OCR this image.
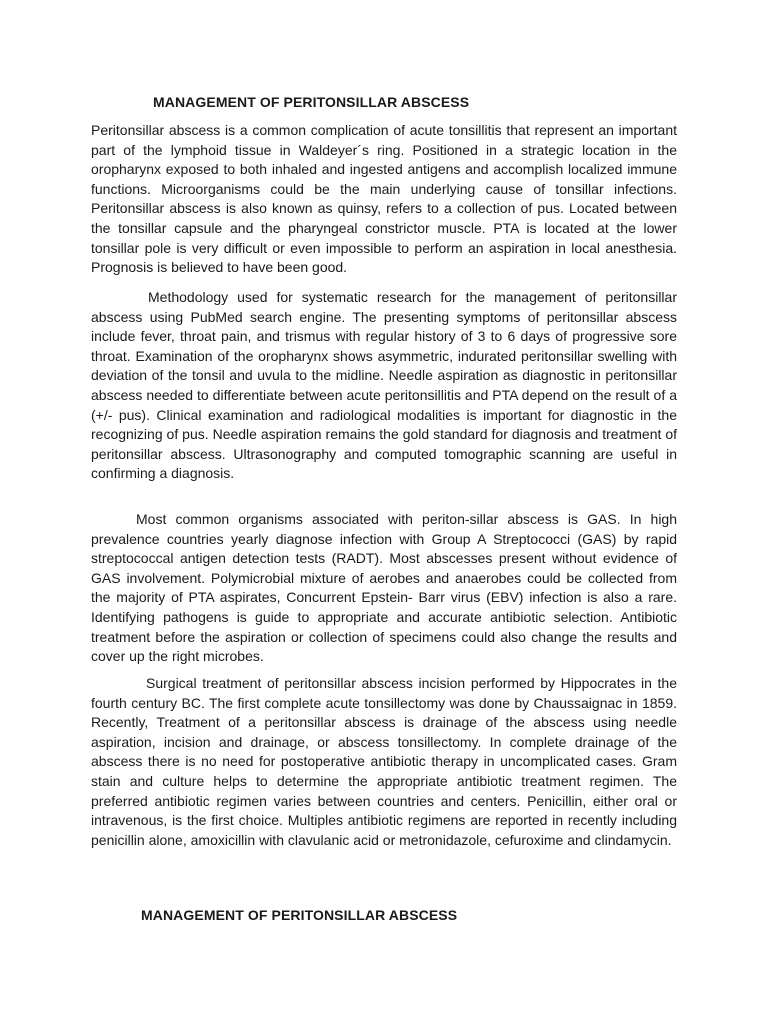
MANAGEMENT OF PERITONSILLAR ABSCESS

Peritonsillar abscess is a common complication of acute tonsillitis that represent an important part of the lymphoid tissue in Waldeyer´s ring. Positioned in a strategic location in the oropharynx exposed to both inhaled and ingested antigens and accomplish localized immune functions. Microorganisms could be the main underlying cause of tonsillar infections. Peritonsillar abscess is also known as quinsy, refers to a collection of pus. Located between the tonsillar capsule and the pharyngeal constrictor muscle. PTA is located at the lower tonsillar pole is very difficult or even impossible to perform an aspiration in local anesthesia. Prognosis is believed to have been good.

Methodology used for systematic research for the management of peritonsillar abscess using PubMed search engine. The presenting symptoms of peritonsillar abscess include fever, throat pain, and trismus with regular history of 3 to 6 days of progressive sore throat. Examination of the oropharynx shows asymmetric, indurated peritonsillar swelling with deviation of the tonsil and uvula to the midline. Needle aspiration as diagnostic in peritonsillar abscess needed to differentiate between acute peritonsillitis and PTA depend on the result of a (+/- pus). Clinical examination and radiological modalities is important for diagnostic in the recognizing of pus. Needle aspiration remains the gold standard for diagnosis and treatment of peritonsillar abscess. Ultrasonography and computed tomographic scanning are useful in confirming a diagnosis.

Most common organisms associated with periton-sillar abscess is GAS. In high prevalence countries yearly diagnose infection with Group A Streptococci (GAS) by rapid streptococcal antigen detection tests (RADT). Most abscesses present without evidence of GAS involvement. Polymicrobial mixture of aerobes and anaerobes could be collected from the majority of PTA aspirates, Concurrent Epstein- Barr virus (EBV) infection is also a rare. Identifying pathogens is guide to appropriate and accurate antibiotic selection. Antibiotic treatment before the aspiration or collection of specimens could also change the results and cover up the right microbes.

Surgical treatment of peritonsillar abscess incision performed by Hippocrates in the fourth century BC. The first complete acute tonsillectomy was done by Chaussaignac in 1859. Recently, Treatment of a peritonsillar abscess is drainage of the abscess using needle aspiration, incision and drainage, or abscess tonsillectomy. In complete drainage of the abscess there is no need for postoperative antibiotic therapy in uncomplicated cases. Gram stain and culture helps to determine the appropriate antibiotic treatment regimen. The preferred antibiotic regimen varies between countries and centers. Penicillin, either oral or intravenous, is the first choice. Multiples antibiotic regimens are reported in recently including penicillin alone, amoxicillin with clavulanic acid or metronidazole, cefuroxime and clindamycin.

MANAGEMENT OF PERITONSILLAR ABSCESS
